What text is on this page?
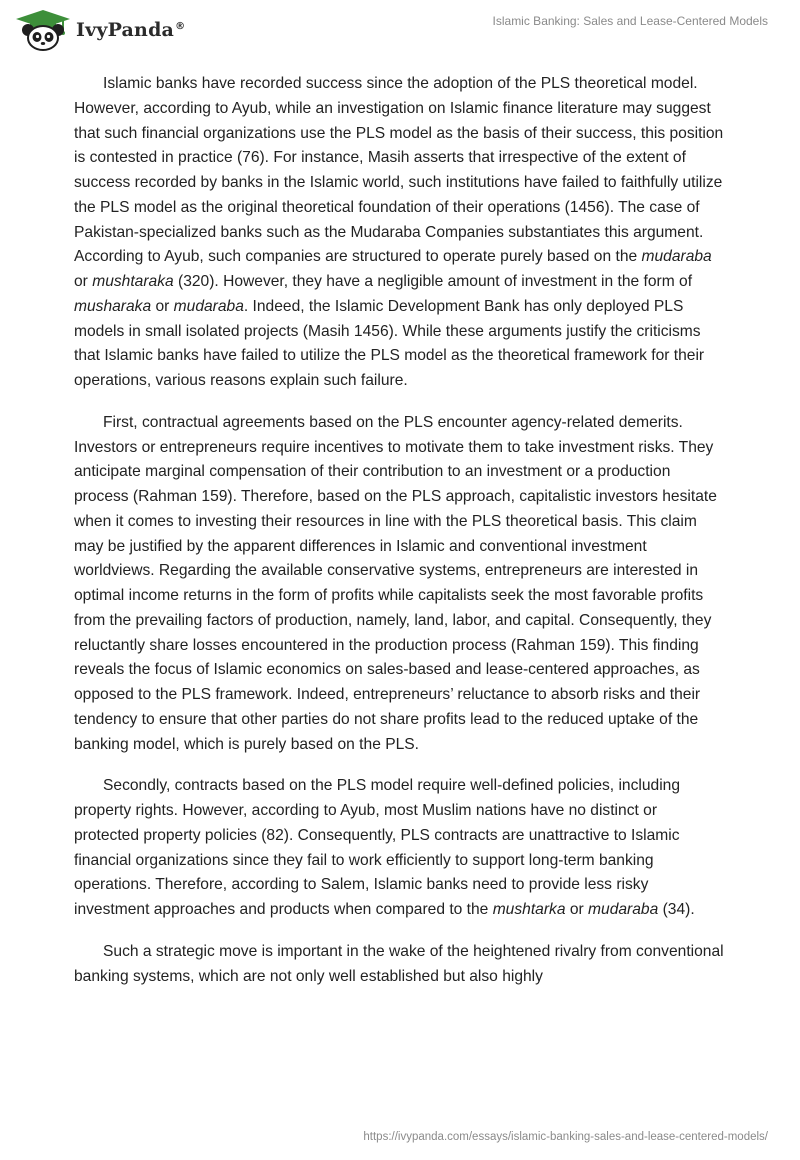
IvyPanda®	Islamic Banking: Sales and Lease-Centered Models

Islamic banks have recorded success since the adoption of the PLS theoretical model. However, according to Ayub, while an investigation on Islamic finance literature may suggest that such financial organizations use the PLS model as the basis of their success, this position is contested in practice (76). For instance, Masih asserts that irrespective of the extent of success recorded by banks in the Islamic world, such institutions have failed to faithfully utilize the PLS model as the original theoretical foundation of their operations (1456). The case of Pakistan-specialized banks such as the Mudaraba Companies substantiates this argument. According to Ayub, such companies are structured to operate purely based on the mudaraba or mushtaraka (320). However, they have a negligible amount of investment in the form of musharaka or mudaraba. Indeed, the Islamic Development Bank has only deployed PLS models in small isolated projects (Masih 1456). While these arguments justify the criticisms that Islamic banks have failed to utilize the PLS model as the theoretical framework for their operations, various reasons explain such failure.

First, contractual agreements based on the PLS encounter agency-related demerits. Investors or entrepreneurs require incentives to motivate them to take investment risks. They anticipate marginal compensation of their contribution to an investment or a production process (Rahman 159). Therefore, based on the PLS approach, capitalistic investors hesitate when it comes to investing their resources in line with the PLS theoretical basis. This claim may be justified by the apparent differences in Islamic and conventional investment worldviews. Regarding the available conservative systems, entrepreneurs are interested in optimal income returns in the form of profits while capitalists seek the most favorable profits from the prevailing factors of production, namely, land, labor, and capital. Consequently, they reluctantly share losses encountered in the production process (Rahman 159). This finding reveals the focus of Islamic economics on sales-based and lease-centered approaches, as opposed to the PLS framework. Indeed, entrepreneurs’ reluctance to absorb risks and their tendency to ensure that other parties do not share profits lead to the reduced uptake of the banking model, which is purely based on the PLS.

Secondly, contracts based on the PLS model require well-defined policies, including property rights. However, according to Ayub, most Muslim nations have no distinct or protected property policies (82). Consequently, PLS contracts are unattractive to Islamic financial organizations since they fail to work efficiently to support long-term banking operations. Therefore, according to Salem, Islamic banks need to provide less risky investment approaches and products when compared to the mushtarka or mudaraba (34).

Such a strategic move is important in the wake of the heightened rivalry from conventional banking systems, which are not only well established but also highly

https://ivypanda.com/essays/islamic-banking-sales-and-lease-centered-models/
